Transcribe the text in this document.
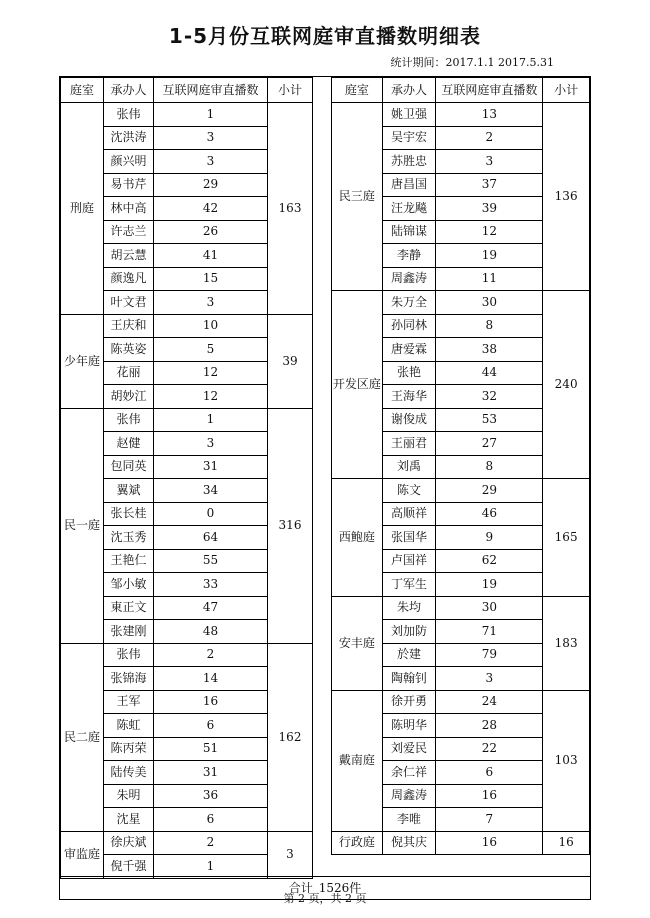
1-5月份互联网庭审直播数明细表
统计期间：2017.1.1 2017.5.31
庭室	承办人	互联网庭审直播数	小计
刑庭	张伟	1	163
	沈洪涛	3	
	颜兴明	3	
	易书芹	29	
	林中高	42	
	许志兰	26	
	胡云慧	41	
	颜逸凡	15	
	叶文君	3	
少年庭	王庆和	10	39
	陈英姿	5	
	花丽	12	
	胡妙江	12	
民一庭	张伟	1	316
	赵健	3	
	包同英	31	
	翼斌	34	
	张长桂	0	
	沈玉秀	64	
	王艳仁	55	
	邹小敏	33	
	東正文	47	
	张建刚	48	
民二庭	张伟	2	162
	张锦海	14	
	王军	16	
	陈虹	6	
	陈丙荣	51	
	陆传美	31	
	朱明	36	
	沈星	6	
审监庭	徐庆斌	2	3
	倪千强	1	
庭室	承办人	互联网庭审直播数	小计
民三庭	姚卫强	13	136
	吴宇宏	2	
	苏胜忠	3	
	唐昌国	37	
	汪龙飚	39	
	陆锦谋	12	
	李静	19	
	周鑫涛	11	
开发区庭	朱万全	30	240
	孙同林	8	
	唐爱霖	38	
	张艳	44	
	王海华	32	
	谢俊成	53	
	王丽君	27	
	刘禹	8	
西鲍庭	陈文	29	165
	高顺祥	46	
	张国华	9	
	卢国祥	62	
	丁军生	19	
安丰庭	朱均	30	183
	刘加防	71	
	於建	79	
	陶翰钊	3	
戴南庭	徐开勇	24	103
	陈明华	28	
	刘爱民	22	
	余仁祥	6	
	周鑫涛	16	
	李唯	7	
行政庭	倪其庆	16	16
合计 1526件
第 2 页，共 2 页
